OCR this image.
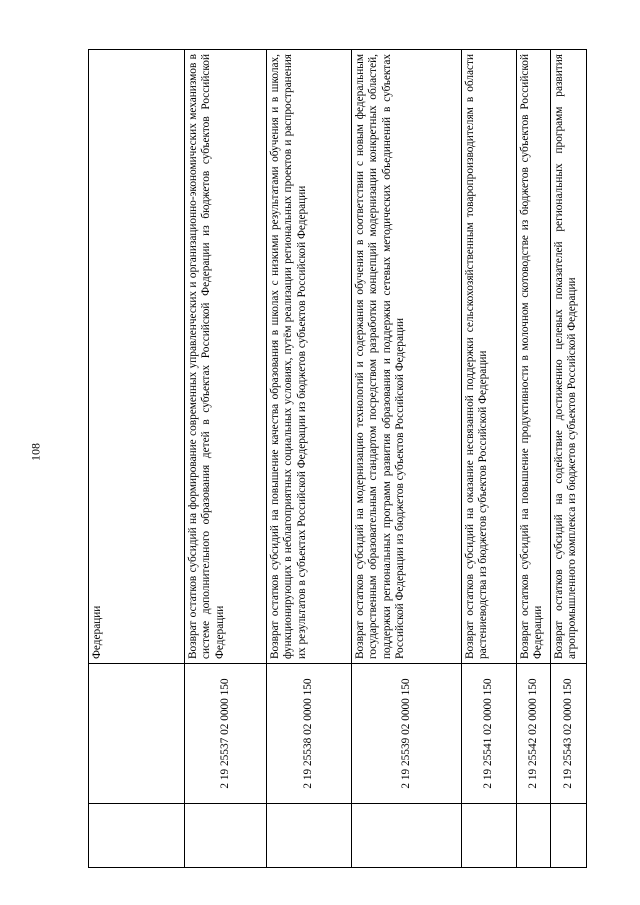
108
		Федерации
	2 19 25537 02 0000 150	Возврат остатков субсидий на формирование современных управленческих и организационно-экономических механизмов в системе дополнительного образования детей в субъектах Российской Федерации из бюджетов субъектов Российской Федерации
	2 19 25538 02 0000 150	Возврат остатков субсидий на повышение качества образования в школах с низкими результатами обучения и в школах, функционирующих в неблагоприятных социальных условиях, путём реализации региональных проектов и распространения их результатов в субъектах Российской Федерации из бюджетов субъектов Российской Федерации
	2 19 25539 02 0000 150	Возврат остатков субсидий на модернизацию технологий и содержания обучения в соответствии с новым федеральным государственным образовательным стандартом посредством разработки концепций модернизации конкретных областей, поддержки региональных программ развития образования и поддержки сетевых методических объединений в субъектах Российской Федерации из бюджетов субъектов Российской Федерации
	2 19 25541 02 0000 150	Возврат остатков субсидий на оказание несвязанной поддержки сельскохозяйственным товаропроизводителям в области растениеводства из бюджетов субъектов Российской Федерации
	2 19 25542 02 0000 150	Возврат остатков субсидий на повышение продуктивности в молочном скотоводстве из бюджетов субъектов Российской Федерации
	2 19 25543 02 0000 150	Возврат остатков субсидий на содействие достижению целевых показателей региональных программ развития агропромышленного комплекса из бюджетов субъектов Российской Федерации
